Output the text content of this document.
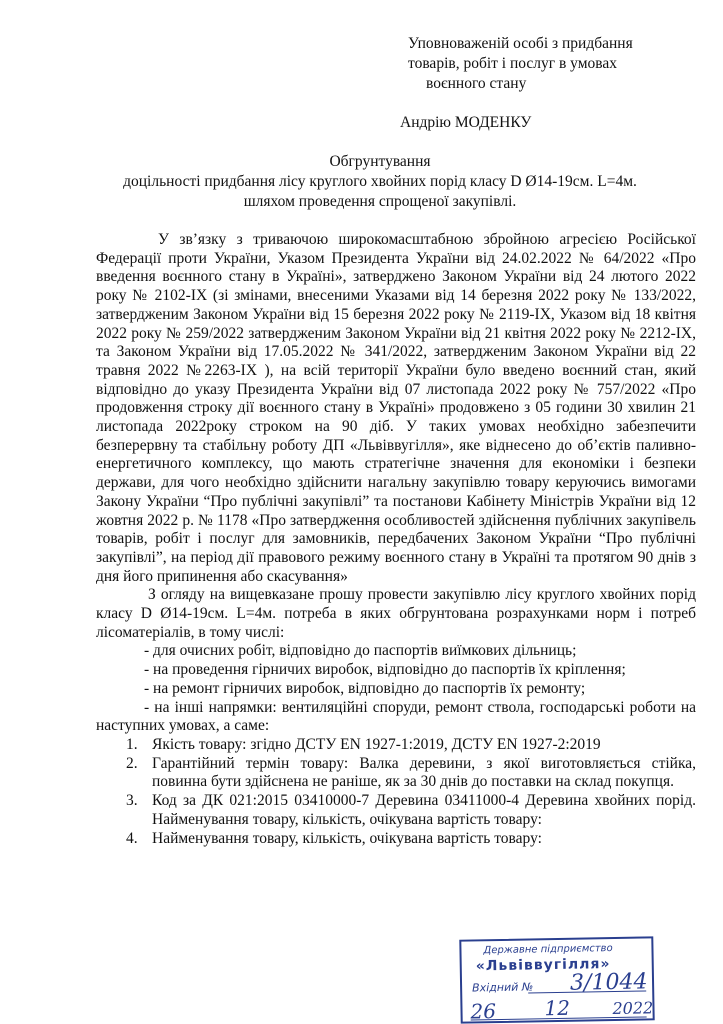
Уповноваженій особі з придбання
товарів, робіт і послуг в умовах
воєнного стану
Андрію МОДЕНКУ
Обгрунтування
доцільності придбання лісу круглого хвойних порід класу D Ø14-19см. L=4м.
шляхом проведення спрощеної закупівлі.

У зв’язку з триваючою широкомасштабною збройною агресією Російської Федерації проти України, Указом Президента України від 24.02.2022 № 64/2022 «Про введення воєнного стану в Україні», затверджено Законом України від 24 лютого 2022 року № 2102-IX (зі змінами, внесеними Указами від 14 березня 2022 року № 133/2022, затвердженим Законом України від 15 березня 2022 року № 2119-IX, Указом від 18 квітня 2022 року № 259/2022 затвердженим Законом України від 21 квітня 2022 року № 2212-IX, та Законом України від 17.05.2022 № 341/2022, затвердженим Законом України від 22 травня 2022 №2263-IX ), на всій території України було введено воєнний стан, який відповідно до указу Президента України від 07 листопада 2022 року № 757/2022 «Про продовження строку дії воєнного стану в Україні» продовжено з 05 години 30 хвилин 21 листопада 2022року строком на 90 діб. У таких умовах необхідно забезпечити безперервну та стабільну роботу ДП «Львіввугілля», яке віднесено до об’єктів паливно-енергетичного комплексу, що мають стратегічне значення для економіки і безпеки держави, для чого необхідно здійснити нагальну закупівлю товару керуючись вимогами Закону України “Про публічні закупівлі” та постанови Кабінету Міністрів України від 12 жовтня 2022 р. № 1178 «Про затвердження особливостей здійснення публічних закупівель товарів, робіт і послуг для замовників, передбачених Законом України “Про публічні закупівлі”, на період дії правового режиму воєнного стану в Україні та протягом 90 днів з дня його припинення або скасування»

З огляду на вищевказане прошу провести закупівлю лісу круглого хвойних порід класу D Ø14-19см. L=4м. потреба в яких обгрунтована розрахунками норм і потреб лісоматеріалів, в тому числі:

- для очисних робіт, відповідно до паспортів виїмкових дільниць;

- на проведення гірничих виробок, відповідно до паспортів їх кріплення;

- на ремонт гірничих виробок, відповідно до паспортів їх ремонту;

- на інші напрямки: вентиляційні споруди, ремонт ствола, господарські роботи на наступних умовах, а саме:

1. Якість товару: згідно ДСТУ EN 1927-1:2019, ДСТУ EN 1927-2:2019
2. Гарантійний термін товару: Валка деревини, з якої виготовляється стійка, повинна бути здійснена не раніше, як за 30 днів до поставки на склад покупця.
3. Код за ДК 021:2015 03410000-7 Деревина 03411000-4 Деревина хвойних порід. Найменування товару, кількість, очікувана вартість товару:
4. Найменування товару, кількість, очікувана вартість товару:
Державне підприємство
«Львіввугілля»
Вхідний № 3/1044
26 12	2022
